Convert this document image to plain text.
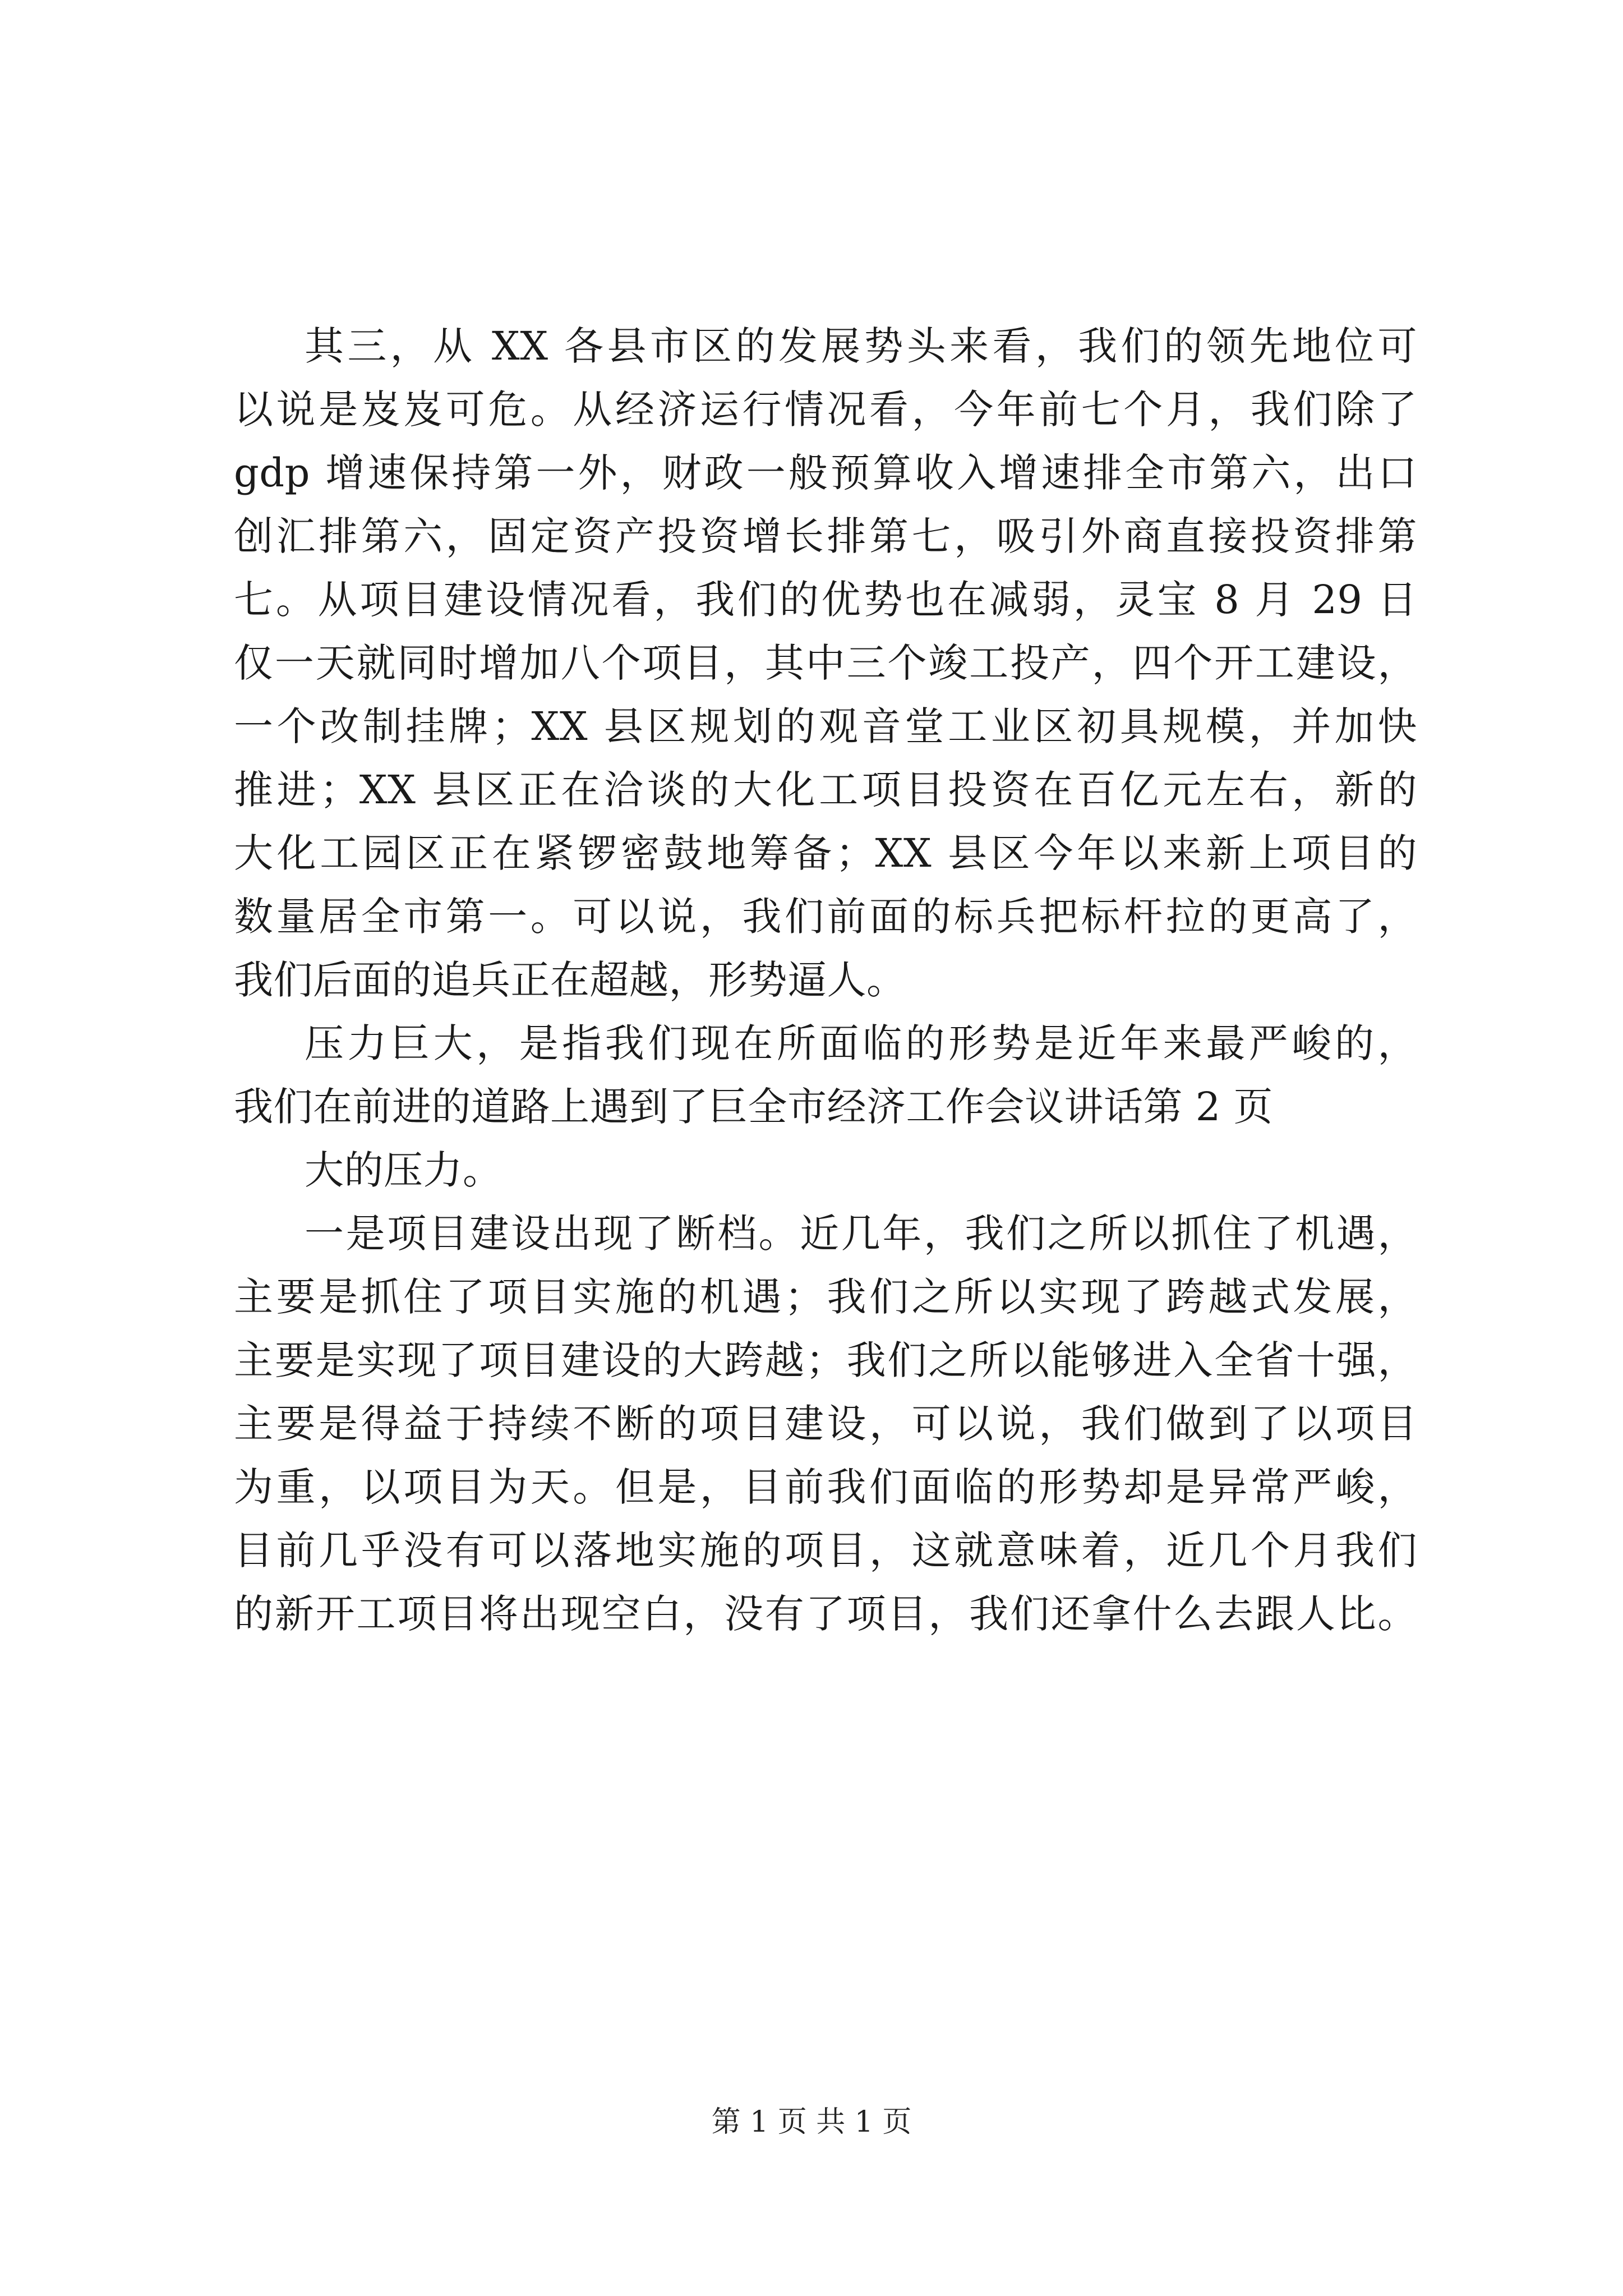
其三，从 XX 各县市区的发展势头来看，我们的领先地位可
以说是岌岌可危。从经济运行情况看，今年前七个月，我们除了
gdp 增速保持第一外，财政一般预算收入增速排全市第六，出口
创汇排第六，固定资产投资增长排第七，吸引外商直接投资排第
七。从项目建设情况看，我们的优势也在减弱，灵宝 8 月 29 日
仅一天就同时增加八个项目，其中三个竣工投产，四个开工建设，
一个改制挂牌；XX 县区规划的观音堂工业区初具规模，并加快
推进；XX 县区正在洽谈的大化工项目投资在百亿元左右，新的
大化工园区正在紧锣密鼓地筹备；XX 县区今年以来新上项目的
数量居全市第一。可以说，我们前面的标兵把标杆拉的更高了，
我们后面的追兵正在超越，形势逼人。
压力巨大，是指我们现在所面临的形势是近年来最严峻的，
我们在前进的道路上遇到了巨全市经济工作会议讲话第 2 页
大的压力。
一是项目建设出现了断档。近几年，我们之所以抓住了机遇，
主要是抓住了项目实施的机遇；我们之所以实现了跨越式发展，
主要是实现了项目建设的大跨越；我们之所以能够进入全省十强，
主要是得益于持续不断的项目建设，可以说，我们做到了以项目
为重，以项目为天。但是，目前我们面临的形势却是异常严峻，
目前几乎没有可以落地实施的项目，这就意味着，近几个月我们
的新开工项目将出现空白，没有了项目，我们还拿什么去跟人比。
第 1 页 共 1 页
